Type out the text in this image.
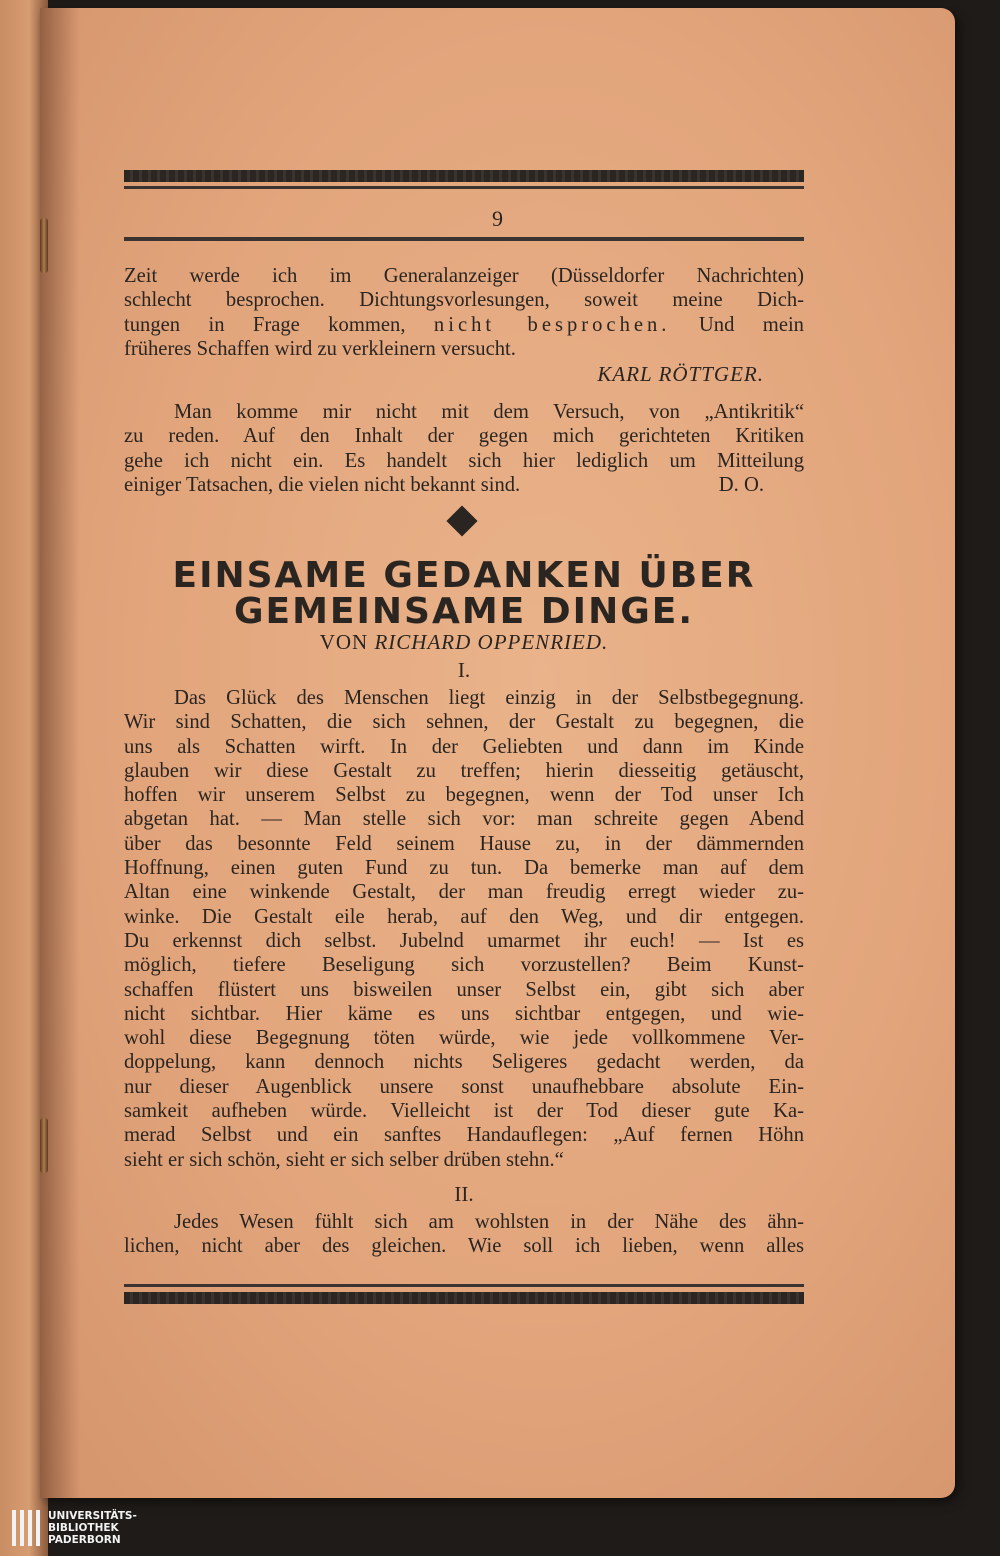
9
Zeit werde ich im Generalanzeiger (Düsseldorfer Nachrichten)
schlecht besprochen. Dichtungsvorlesungen, soweit meine Dich-
tungen in Frage kommen, nicht besprochen. Und mein
früheres Schaffen wird zu verkleinern versucht.
KARL RÖTTGER.
Man komme mir nicht mit dem Versuch, von „Antikritik“
zu reden. Auf den Inhalt der gegen mich gerichteten Kritiken
gehe ich nicht ein. Es handelt sich hier lediglich um Mitteilung
einiger Tatsachen, die vielen nicht bekannt sind.	D. O.
EINSAME GEDANKEN ÜBER
GEMEINSAME DINGE.
VON RICHARD OPPENRIED.
I.
Das Glück des Menschen liegt einzig in der Selbstbegegnung.
Wir sind Schatten, die sich sehnen, der Gestalt zu begegnen, die
uns als Schatten wirft. In der Geliebten und dann im Kinde
glauben wir diese Gestalt zu treffen; hierin diesseitig getäuscht,
hoffen wir unserem Selbst zu begegnen, wenn der Tod unser Ich
abgetan hat. — Man stelle sich vor: man schreite gegen Abend
über das besonnte Feld seinem Hause zu, in der dämmernden
Hoffnung, einen guten Fund zu tun. Da bemerke man auf dem
Altan eine winkende Gestalt, der man freudig erregt wieder zu-
winke. Die Gestalt eile herab, auf den Weg, und dir entgegen.
Du erkennst dich selbst. Jubelnd umarmet ihr euch! — Ist es
möglich, tiefere Beseligung sich vorzustellen? Beim Kunst-
schaffen flüstert uns bisweilen unser Selbst ein, gibt sich aber
nicht sichtbar. Hier käme es uns sichtbar entgegen, und wie-
wohl diese Begegnung töten würde, wie jede vollkommene Ver-
doppelung, kann dennoch nichts Seligeres gedacht werden, da
nur dieser Augenblick unsere sonst unaufhebbare absolute Ein-
samkeit aufheben würde. Vielleicht ist der Tod dieser gute Ka-
merad Selbst und ein sanftes Handauflegen: „Auf fernen Höhn
sieht er sich schön, sieht er sich selber drüben stehn.“
II.
Jedes Wesen fühlt sich am wohlsten in der Nähe des ähn-
lichen, nicht aber des gleichen. Wie soll ich lieben, wenn alles
UNIVERSITÄTS-
BIBLIOTHEK
PADERBORN
